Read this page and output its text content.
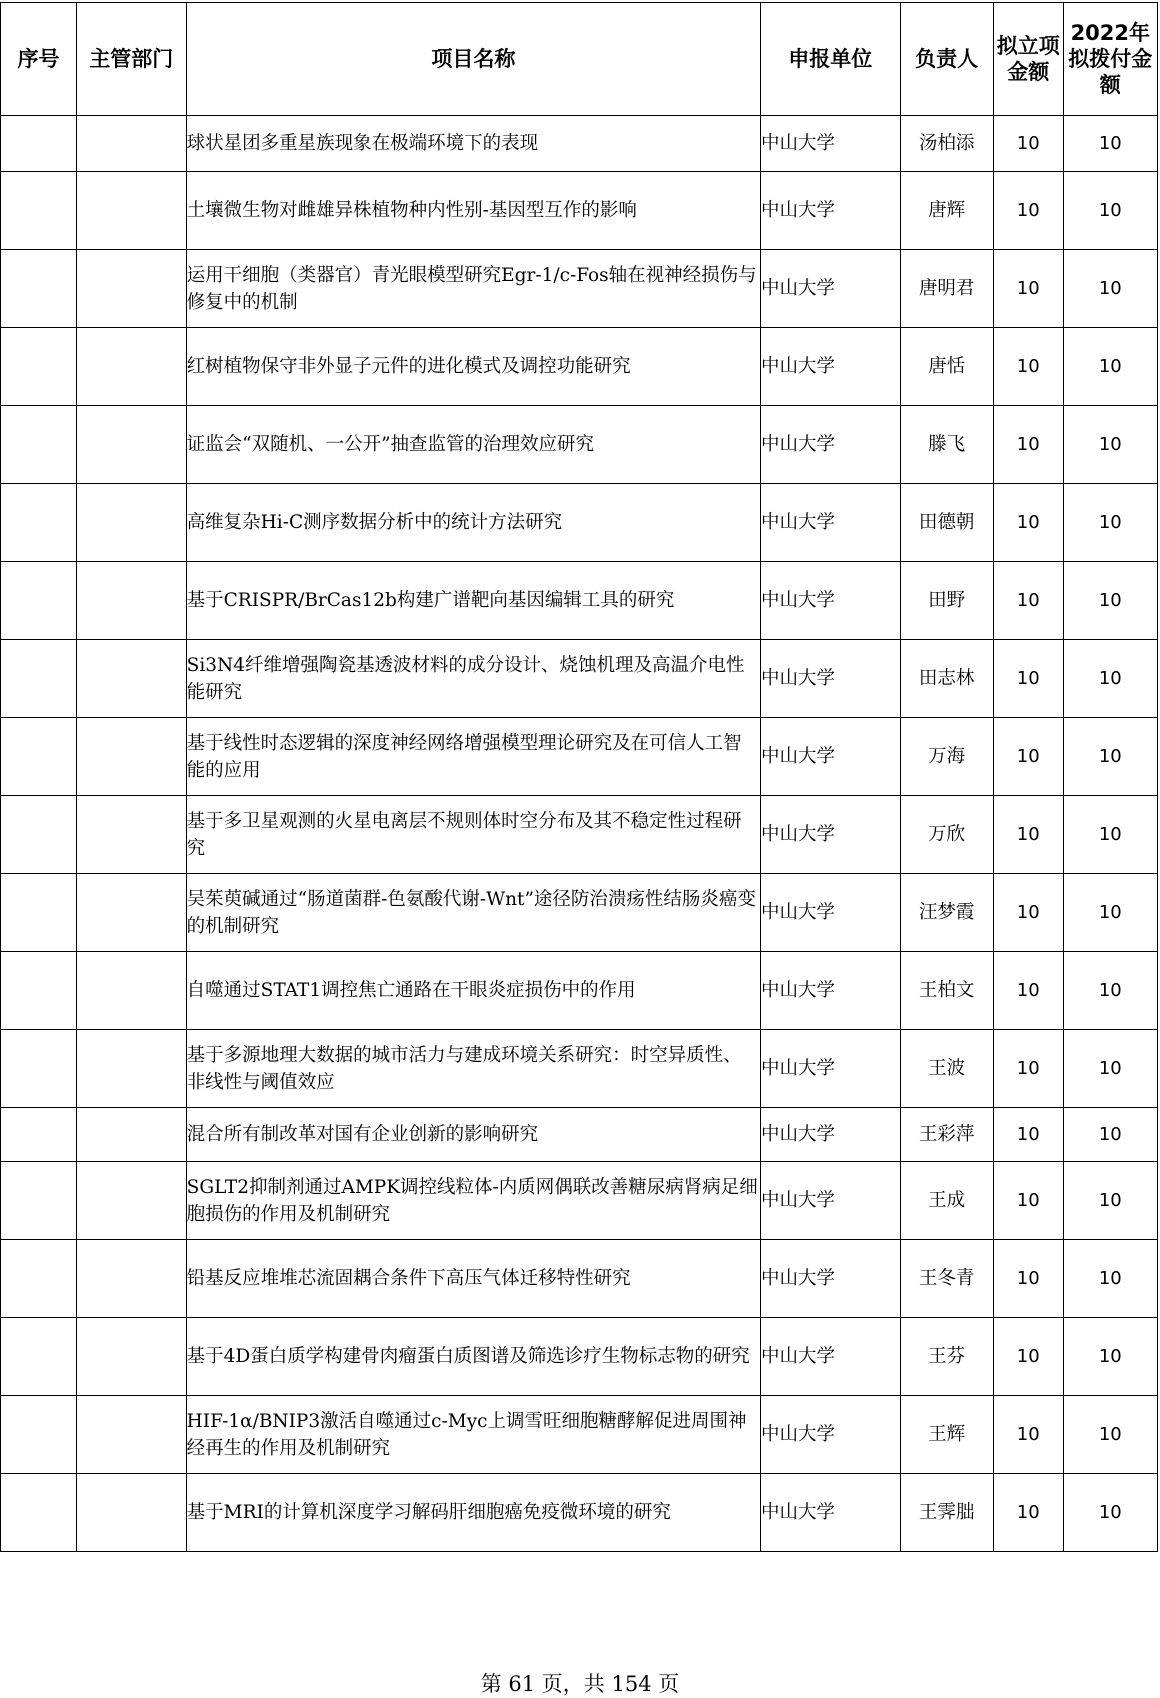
序号	主管部门	项目名称	申报单位	负责人	拟立项金额	2022年拟拨付金额
		球状星团多重星族现象在极端环境下的表现	中山大学	汤柏添	10	10
		土壤微生物对雌雄异株植物种内性别-基因型互作的影响	中山大学	唐辉	10	10
		运用干细胞（类器官）青光眼模型研究Egr-1/c-Fos轴在视神经损伤与修复中的机制	中山大学	唐明君	10	10
		红树植物保守非外显子元件的进化模式及调控功能研究	中山大学	唐恬	10	10
		证监会“双随机、一公开”抽查监管的治理效应研究	中山大学	滕飞	10	10
		高维复杂Hi-C测序数据分析中的统计方法研究	中山大学	田德朝	10	10
		基于CRISPR/BrCas12b构建广谱靶向基因编辑工具的研究	中山大学	田野	10	10
		Si3N4纤维增强陶瓷基透波材料的成分设计、烧蚀机理及高温介电性能研究	中山大学	田志林	10	10
		基于线性时态逻辑的深度神经网络增强模型理论研究及在可信人工智能的应用	中山大学	万海	10	10
		基于多卫星观测的火星电离层不规则体时空分布及其不稳定性过程研究	中山大学	万欣	10	10
		吴茱萸碱通过“肠道菌群-色氨酸代谢-Wnt”途径防治溃疡性结肠炎癌变的机制研究	中山大学	汪梦霞	10	10
		自噬通过STAT1调控焦亡通路在干眼炎症损伤中的作用	中山大学	王柏文	10	10
		基于多源地理大数据的城市活力与建成环境关系研究：时空异质性、非线性与阈值效应	中山大学	王波	10	10
		混合所有制改革对国有企业创新的影响研究	中山大学	王彩萍	10	10
		SGLT2抑制剂通过AMPK调控线粒体-内质网偶联改善糖尿病肾病足细胞损伤的作用及机制研究	中山大学	王成	10	10
		铅基反应堆堆芯流固耦合条件下高压气体迁移特性研究	中山大学	王冬青	10	10
		基于4D蛋白质学构建骨肉瘤蛋白质图谱及筛选诊疗生物标志物的研究	中山大学	王芬	10	10
		HIF-1α/BNIP3激活自噬通过c-Myc上调雪旺细胞糖酵解促进周围神经再生的作用及机制研究	中山大学	王辉	10	10
		基于MRI的计算机深度学习解码肝细胞癌免疫微环境的研究	中山大学	王霁朏	10	10
第 61 页，共 154 页
